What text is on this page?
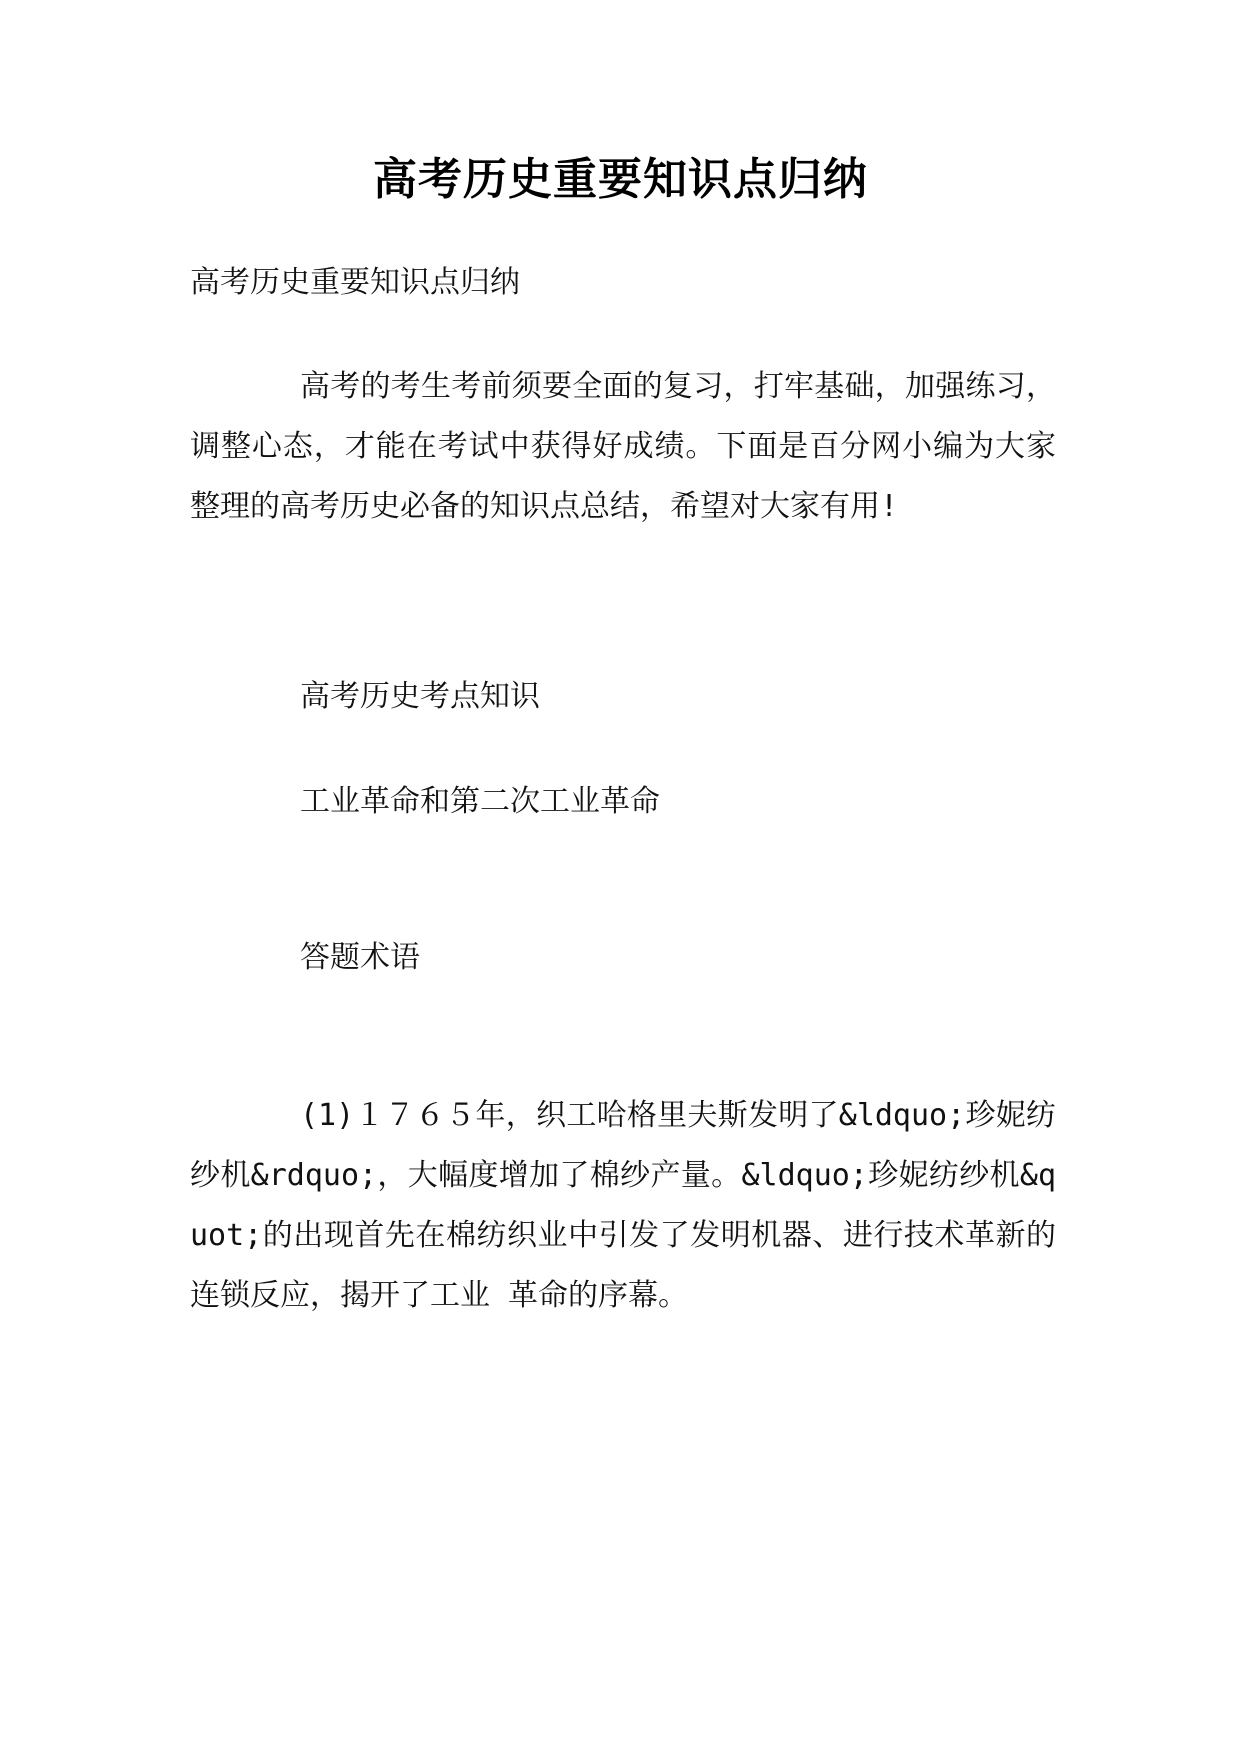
高考历史重要知识点归纳

高考历史重要知识点归纳

高考的考生考前须要全面的复习，打牢基础，加强练习，调整心态，才能在考试中获得好成绩。下面是百分网小编为大家整理的高考历史必备的知识点总结，希望对大家有用!

高考历史考点知识

工业革命和第二次工业革命

答题术语

(1)１７６５年，织工哈格里夫斯发明了&ldquo;珍妮纺纱机&rdquo;，大幅度增加了棉纱产量。&ldquo;珍妮纺纱机&quot;的出现首先在棉纺织业中引发了发明机器、进行技术革新的连锁反应，揭开了工业 革命的序幕。
